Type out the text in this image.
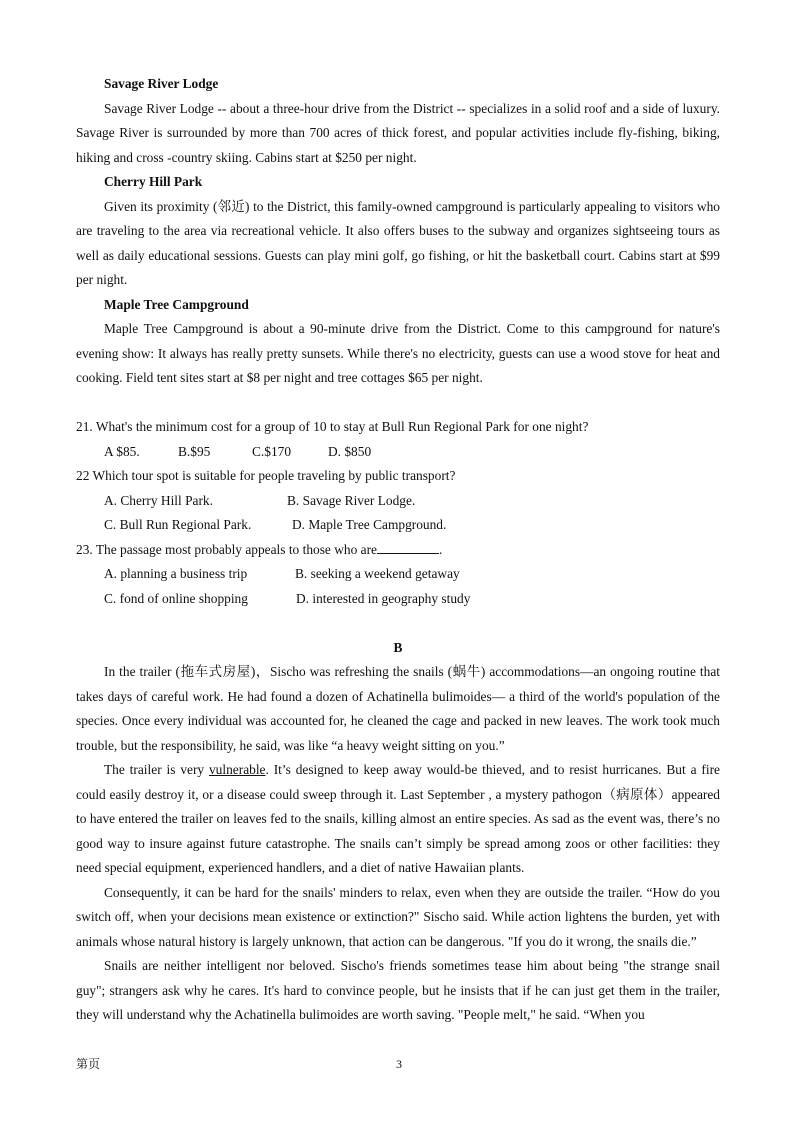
Savage River Lodge

Savage River Lodge -- about a three-hour drive from the District -- specializes in a solid roof and a side of luxury. Savage River is surrounded by more than 700 acres of thick forest, and popular activities include fly-fishing, biking, hiking and cross -country skiing. Cabins start at $250 per night.

Cherry Hill Park

Given its proximity (邻近) to the District, this family-owned campground is particularly appealing to visitors who are traveling to the area via recreational vehicle. It also offers buses to the subway and organizes sightseeing tours as well as daily educational sessions. Guests can play mini golf, go fishing, or hit the basketball court. Cabins start at $99 per night.

Maple Tree Campground

Maple Tree Campground is about a 90-minute drive from the District. Come to this campground for nature's evening show: It always has really pretty sunsets. While there's no electricity, guests can use a wood stove for heat and cooking. Field tent sites start at $8 per night and tree cottages $65 per night.

21. What's the minimum cost for a group of 10 to stay at Bull Run Regional Park for one night?

A $85.	B.$95	C.$170	D. $850

22 Which tour spot is suitable for people traveling by public transport?

A. Cherry Hill Park.	B. Savage River Lodge.
C. Bull Run Regional Park.	D. Maple Tree Campground.

23. The passage most probably appeals to those who are	.

A. planning a business trip	B. seeking a weekend getaway
C. fond of online shopping	D. interested in geography study

B

In the trailer (拖车式房屋)，Sischo was refreshing the snails (蜗牛) accommodations—an ongoing routine that takes days of careful work. He had found a dozen of Achatinella bulimoides— a third of the world's population of the species. Once every individual was accounted for, he cleaned the cage and packed in new leaves. The work took much trouble, but the responsibility, he said, was like “a heavy weight sitting on you.”

The trailer is very vulnerable. It’s designed to keep away would-be thieved, and to resist hurricanes. But a fire could easily destroy it, or a disease could sweep through it. Last September , a mystery pathogon（病原体）appeared to have entered the trailer on leaves fed to the snails, killing almost an entire species. As sad as the event was, there’s no good way to insure against future catastrophe. The snails can’t simply be spread among zoos or other facilities: they need special equipment, experienced handlers, and a diet of native Hawaiian plants.

Consequently, it can be hard for the snails' minders to relax, even when they are outside the trailer. “How do you switch off, when your decisions mean existence or extinction?" Sischo said. While action lightens the burden, yet with animals whose natural history is largely unknown, that action can be dangerous. "If you do it wrong, the snails die.”

Snails are neither intelligent nor beloved. Sischo's friends sometimes tease him about being "the strange snail guy"; strangers ask why he cares. It's hard to convince people, but he insists that if he can just get them in the trailer, they will understand why the Achatinella bulimoides are worth saving. "People melt," he said. “When you

第页	3
